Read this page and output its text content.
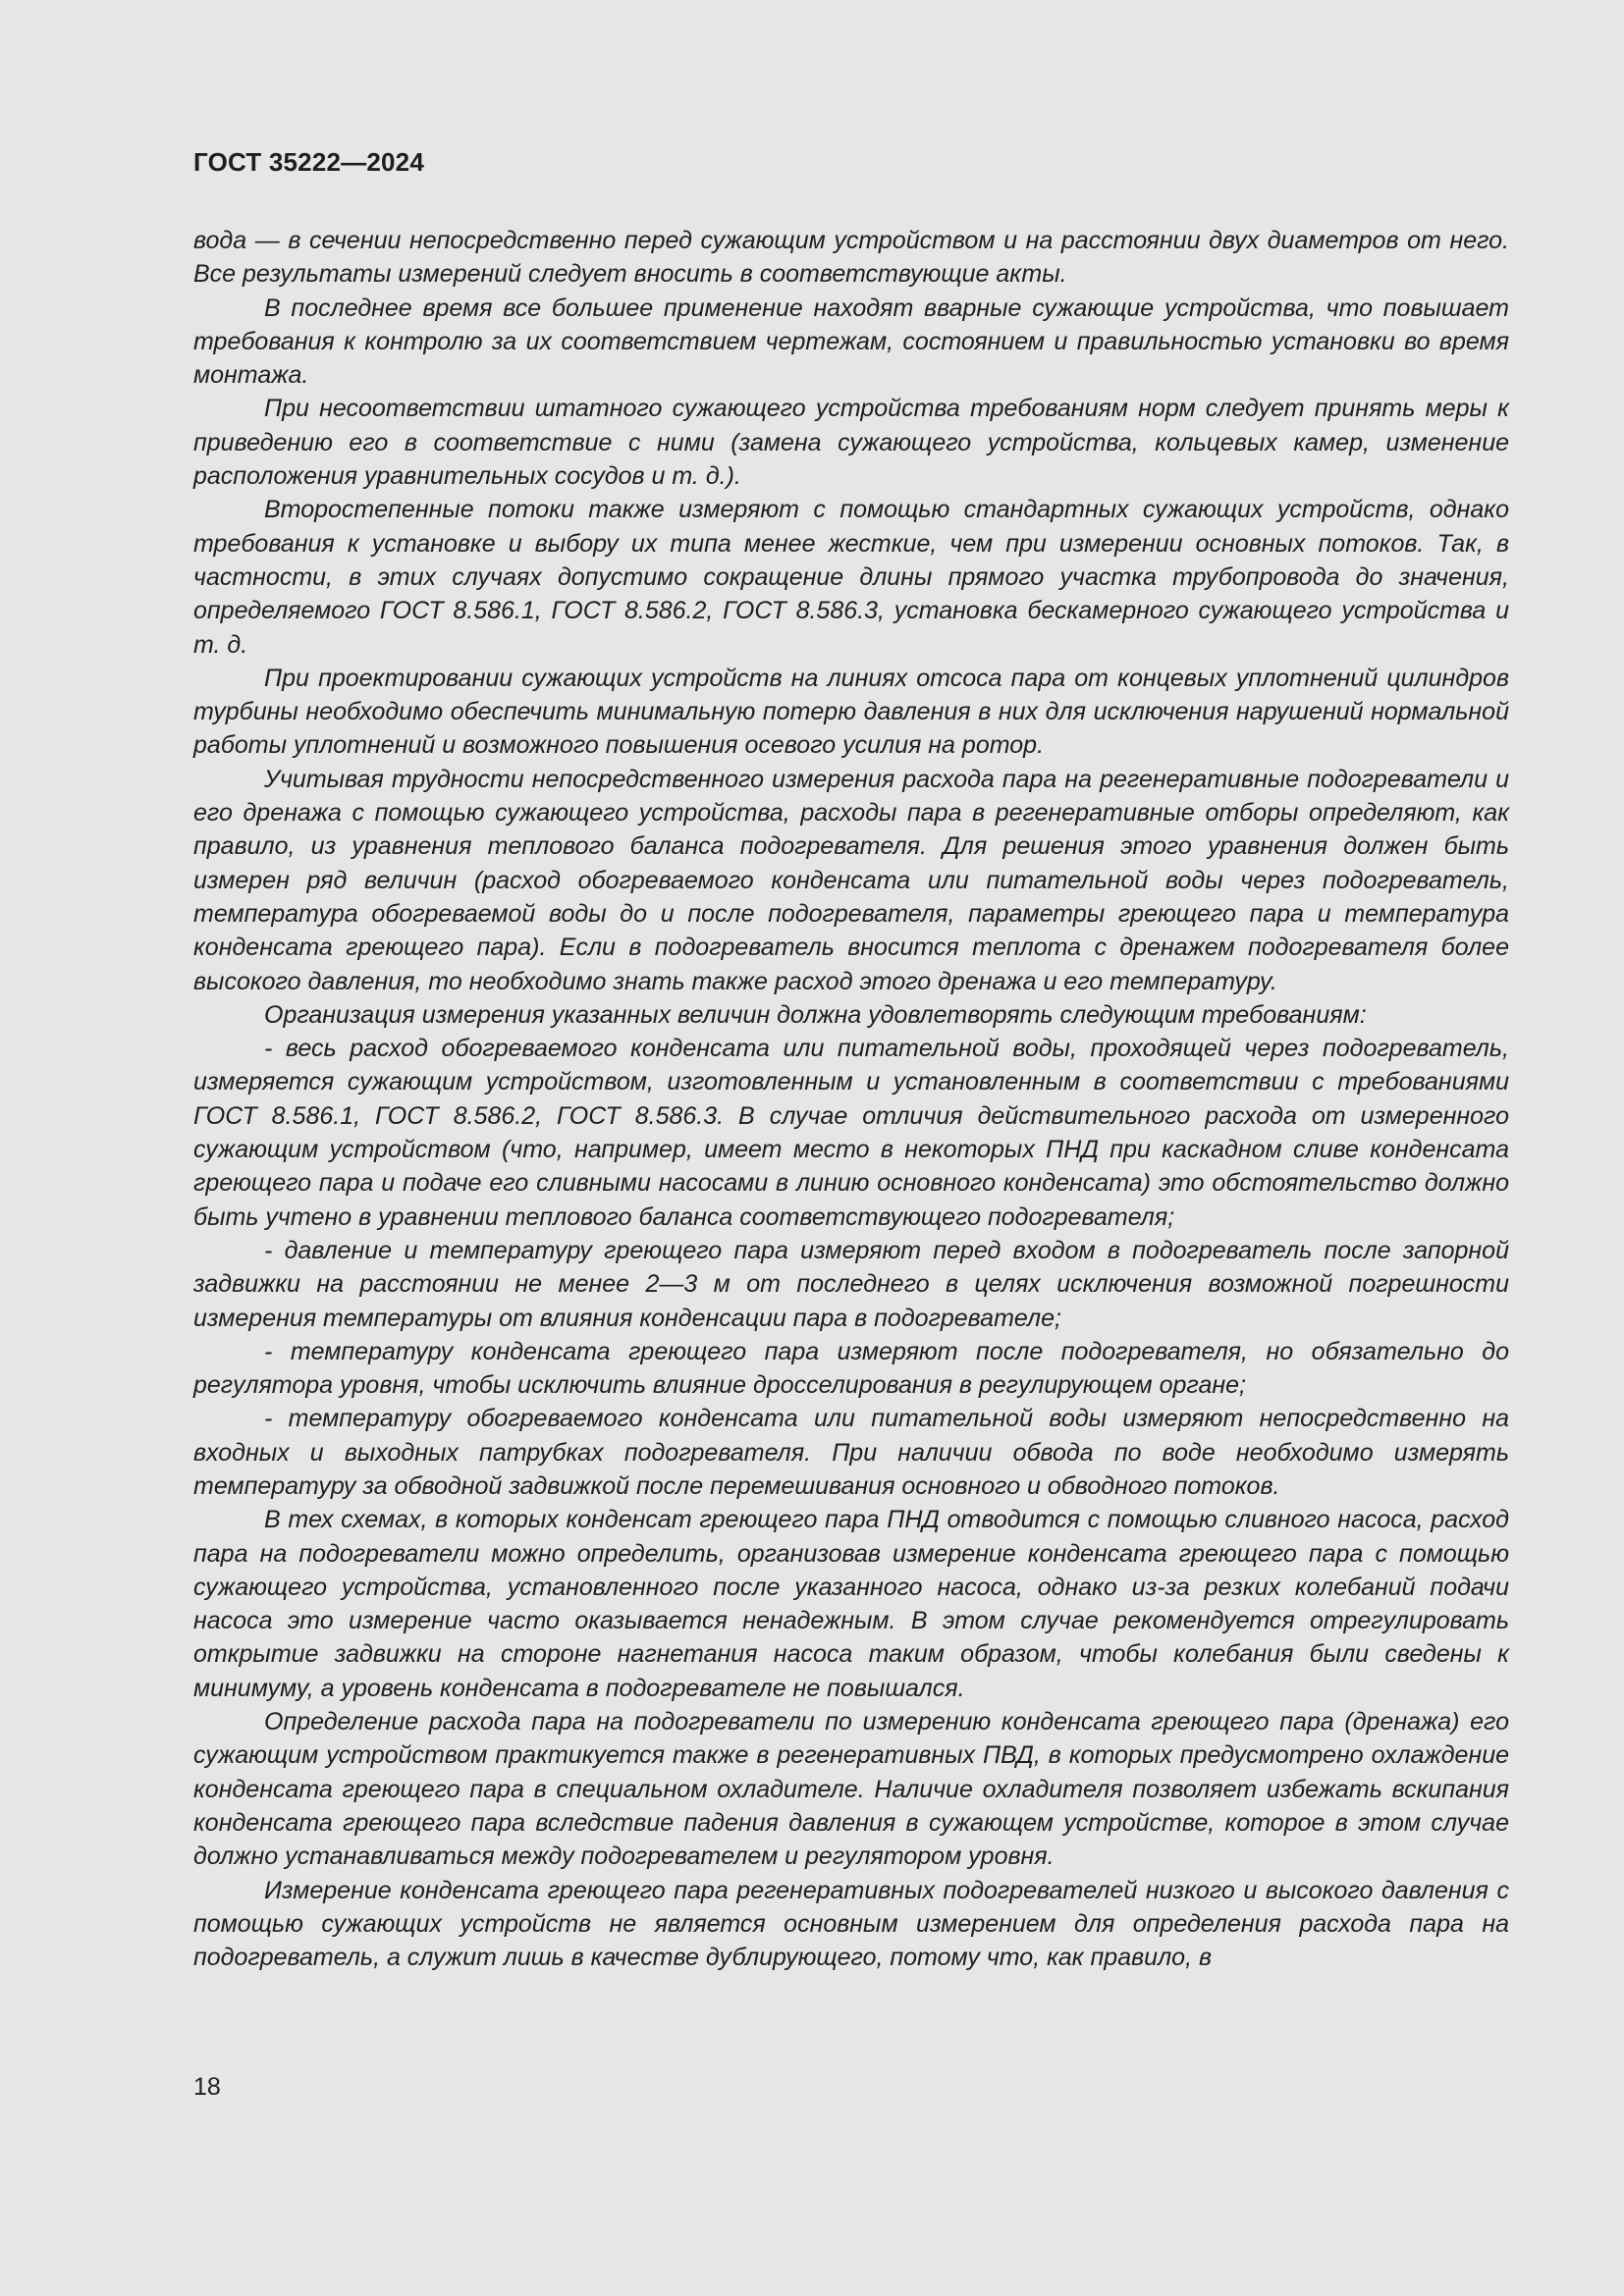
ГОСТ 35222—2024

вода — в сечении непосредственно перед сужающим устройством и на расстоянии двух диаметров от него. Все результаты измерений следует вносить в соответствующие акты.

В последнее время все большее применение находят вварные сужающие устройства, что повышает требования к контролю за их соответствием чертежам, состоянием и правильностью установки во время монтажа.

При несоответствии штатного сужающего устройства требованиям норм следует принять меры к приведению его в соответствие с ними (замена сужающего устройства, кольцевых камер, изменение расположения уравнительных сосудов и т. д.).

Второстепенные потоки также измеряют с помощью стандартных сужающих устройств, однако требования к установке и выбору их типа менее жесткие, чем при измерении основных потоков. Так, в частности, в этих случаях допустимо сокращение длины прямого участка трубопровода до значения, определяемого ГОСТ 8.586.1, ГОСТ 8.586.2, ГОСТ 8.586.3, установка бескамерного сужающего устройства и т. д.

При проектировании сужающих устройств на линиях отсоса пара от концевых уплотнений цилиндров турбины необходимо обеспечить минимальную потерю давления в них для исключения нарушений нормальной работы уплотнений и возможного повышения осевого усилия на ротор.

Учитывая трудности непосредственного измерения расхода пара на регенеративные подогреватели и его дренажа с помощью сужающего устройства, расходы пара в регенеративные отборы определяют, как правило, из уравнения теплового баланса подогревателя. Для решения этого уравнения должен быть измерен ряд величин (расход обогреваемого конденсата или питательной воды через подогреватель, температура обогреваемой воды до и после подогревателя, параметры греющего пара и температура конденсата греющего пара). Если в подогреватель вносится теплота с дренажем подогревателя более высокого давления, то необходимо знать также расход этого дренажа и его температуру.

Организация измерения указанных величин должна удовлетворять следующим требованиям:

- весь расход обогреваемого конденсата или питательной воды, проходящей через подогреватель, измеряется сужающим устройством, изготовленным и установленным в соответствии с требованиями ГОСТ 8.586.1, ГОСТ 8.586.2, ГОСТ 8.586.3. В случае отличия действительного расхода от измеренного сужающим устройством (что, например, имеет место в некоторых ПНД при каскадном сливе конденсата греющего пара и подаче его сливными насосами в линию основного конденсата) это обстоятельство должно быть учтено в уравнении теплового баланса соответствующего подогревателя;

- давление и температуру греющего пара измеряют перед входом в подогреватель после запорной задвижки на расстоянии не менее 2—3 м от последнего в целях исключения возможной погрешности измерения температуры от влияния конденсации пара в подогревателе;

- температуру конденсата греющего пара измеряют после подогревателя, но обязательно до регулятора уровня, чтобы исключить влияние дросселирования в регулирующем органе;

- температуру обогреваемого конденсата или питательной воды измеряют непосредственно на входных и выходных патрубках подогревателя. При наличии обвода по воде необходимо измерять температуру за обводной задвижкой после перемешивания основного и обводного потоков.

В тех схемах, в которых конденсат греющего пара ПНД отводится с помощью сливного насоса, расход пара на подогреватели можно определить, организовав измерение конденсата греющего пара с помощью сужающего устройства, установленного после указанного насоса, однако из-за резких колебаний подачи насоса это измерение часто оказывается ненадежным. В этом случае рекомендуется отрегулировать открытие задвижки на стороне нагнетания насоса таким образом, чтобы колебания были сведены к минимуму, а уровень конденсата в подогревателе не повышался.

Определение расхода пара на подогреватели по измерению конденсата греющего пара (дренажа) его сужающим устройством практикуется также в регенеративных ПВД, в которых предусмотрено охлаждение конденсата греющего пара в специальном охладителе. Наличие охладителя позволяет избежать вскипания конденсата греющего пара вследствие падения давления в сужающем устройстве, которое в этом случае должно устанавливаться между подогревателем и регулятором уровня.

Измерение конденсата греющего пара регенеративных подогревателей низкого и высокого давления с помощью сужающих устройств не является основным измерением для определения расхода пара на подогреватель, а служит лишь в качестве дублирующего, потому что, как правило, в

18
